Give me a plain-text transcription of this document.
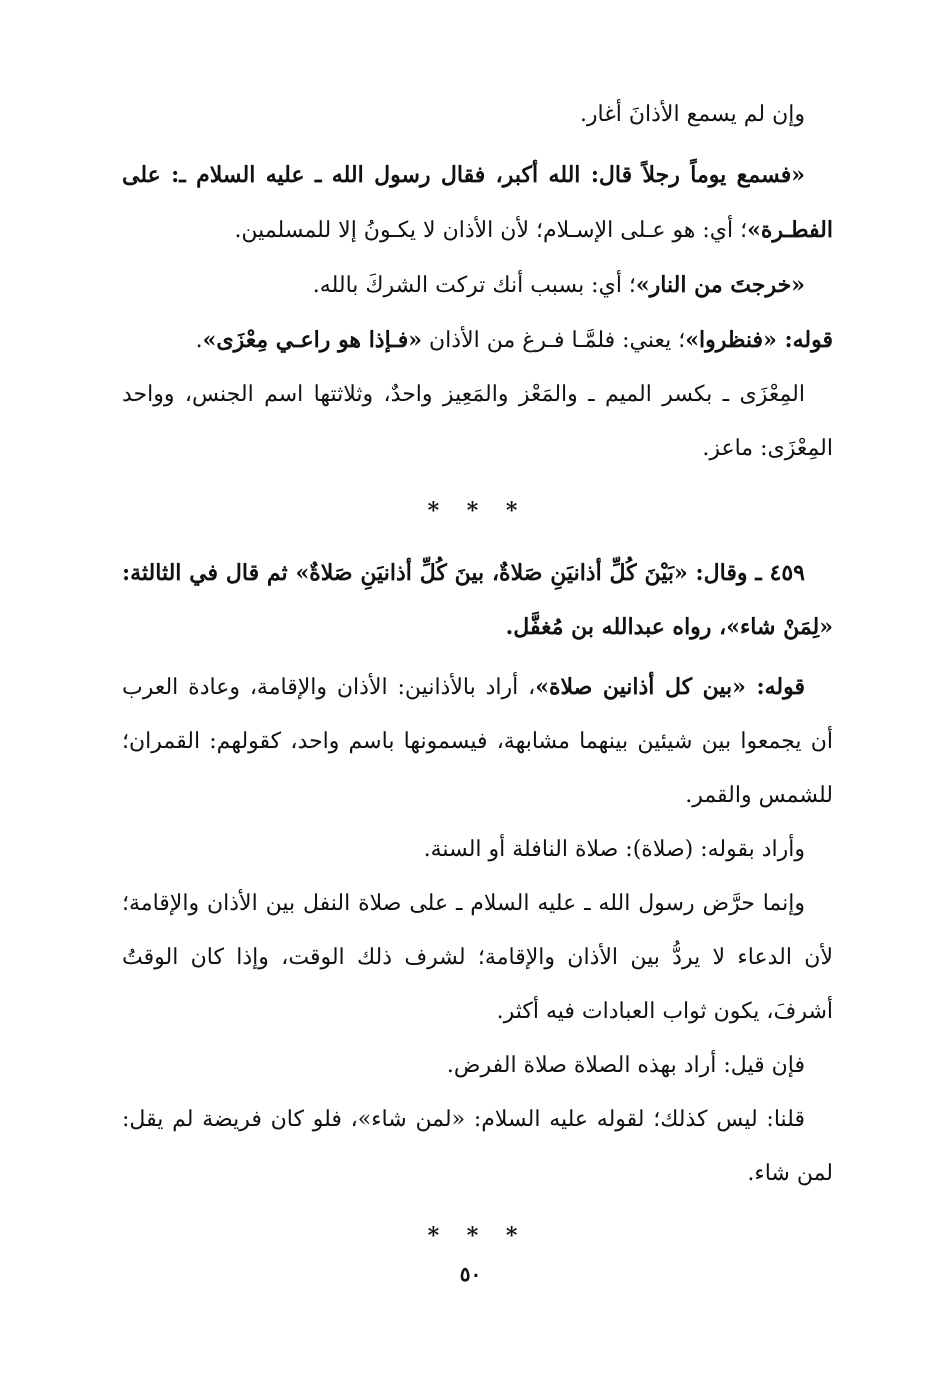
وإن لم يسمع الأذانَ أغار.

«فسمع يوماً رجلاً قال: الله أكبر، فقال رسول الله ـ عليه السلام ـ: على الفطـرة»؛ أي: هو عـلى الإسـلام؛ لأن الأذان لا يكـونُ إلا للمسلمين.

«خرجتَ من النار»؛ أي: بسبب أنك تركت الشركَ بالله.

قوله: «فنظروا»؛ يعني: فلمَّـا فـرغ من الأذان «فـإذا هو راعـي مِعْزَى».

المِعْزَى ـ بكسر الميم ـ والمَعْز والمَعِيز واحدٌ، وثلاثتها اسم الجنس، وواحد المِعْزَى: ماعز.

* * *

٤٥٩ ـ وقال: «بَيْنَ كُلِّ أذانيَنِ صَلاةٌ، بينَ كُلِّ أذانيَنِ صَلاةٌ» ثم قال في الثالثة: «لِمَنْ شاء»، رواه عبدالله بن مُغفَّل.

قوله: «بين كل أذانين صلاة»، أراد بالأذانين: الأذان والإقامة، وعادة العرب أن يجمعوا بين شيئين بينهما مشابهة، فيسمونها باسم واحد، كقولهم: القمران؛ للشمس والقمر.

وأراد بقوله: (صلاة): صلاة النافلة أو السنة.

وإنما حرَّض رسول الله ـ عليه السلام ـ على صلاة النفل بين الأذان والإقامة؛ لأن الدعاء لا يردُّ بين الأذان والإقامة؛ لشرف ذلك الوقت، وإذا كان الوقتُ أشرفَ، يكون ثواب العبادات فيه أكثر.

فإن قيل: أراد بهذه الصلاة صلاة الفرض.

قلنا: ليس كذلك؛ لقوله عليه السلام: «لمن شاء»، فلو كان فريضة لم يقل: لمن شاء.

* * *
٥٠
